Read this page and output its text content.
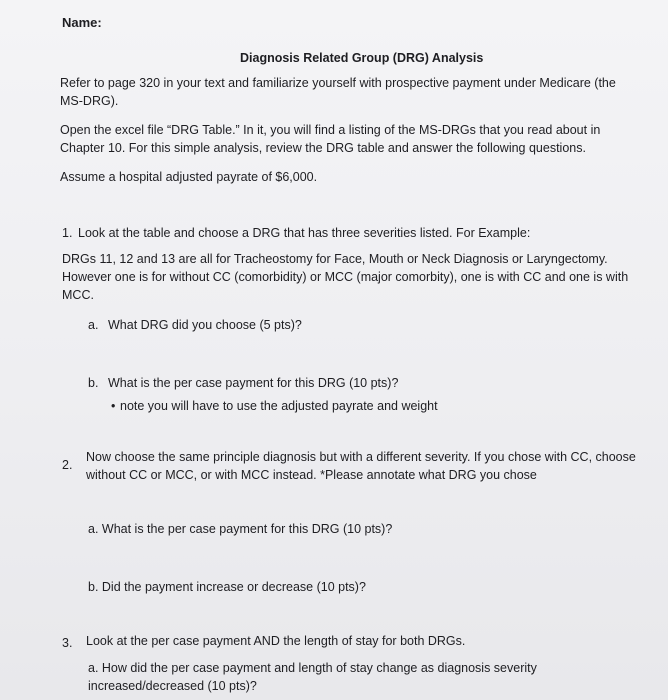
Name:
Diagnosis Related Group (DRG) Analysis
Refer to page 320 in your text and familiarize yourself with prospective payment under Medicare (the
MS-DRG).
Open the excel file “DRG Table.” In it, you will find a listing of the MS-DRGs that you read about in
Chapter 10. For this simple analysis, review the DRG table and answer the following questions.
Assume a hospital adjusted payrate of $6,000.
1. Look at the table and choose a DRG that has three severities listed. For Example:
DRGs 11, 12 and 13 are all for Tracheostomy for Face, Mouth or Neck Diagnosis or Laryngectomy.
However one is for without CC (comorbidity) or MCC (major comorbity), one is with CC and one is with
MCC.
a. What DRG did you choose (5 pts)?
b. What is the per case payment for this DRG (10 pts)?
• note you will have to use the adjusted payrate and weight
2.
Now choose the same principle diagnosis but with a different severity. If you chose with CC, choose
without CC or MCC, or with MCC instead. *Please annotate what DRG you chose
a. What is the per case payment for this DRG (10 pts)?
b. Did the payment increase or decrease (10 pts)?
3. Look at the per case payment AND the length of stay for both DRGs.
a. How did the per case payment and length of stay change as diagnosis severity
increased/decreased (10 pts)?
